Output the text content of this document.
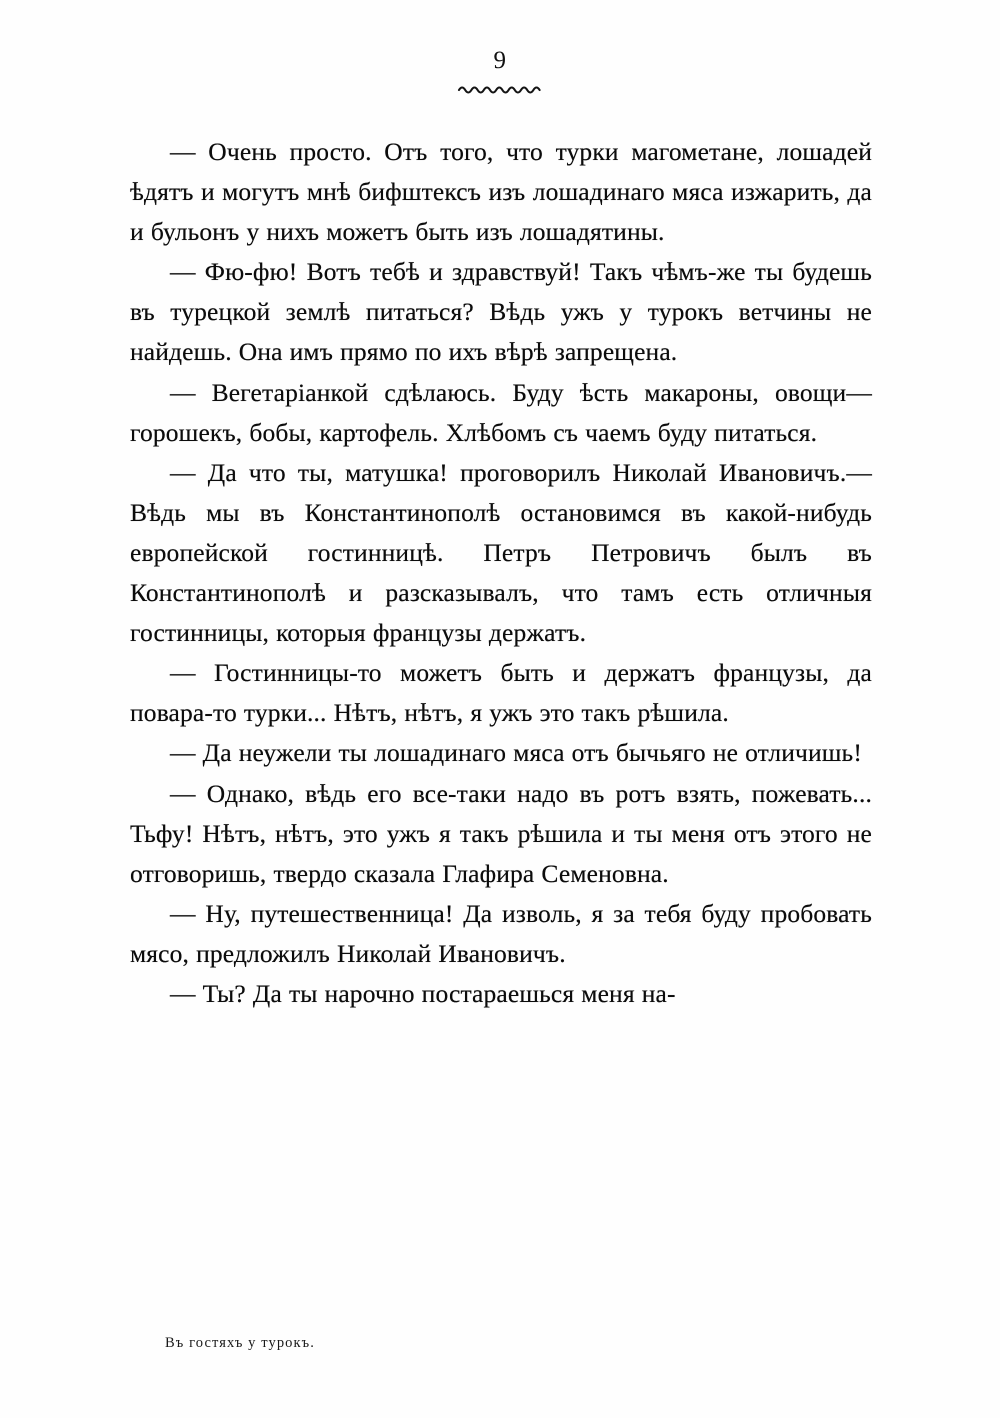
9

— Очень просто. Отъ того, что турки магометане, лошадей ѣдятъ и могутъ мнѣ бифштексъ изъ лошадинаго мяса изжарить, да и бульонъ у нихъ можетъ быть изъ лошадятины.

— Фю-фю! Вотъ тебѣ и здравствуй! Такъ чѣмъ-же ты будешь въ турецкой землѣ питаться? Вѣдь ужъ у турокъ ветчины не найдешь. Она имъ прямо по ихъ вѣрѣ запрещена.

— Вегетаріанкой сдѣлаюсь. Буду ѣсть макароны, овощи—горошекъ, бобы, картофель. Хлѣбомъ съ чаемъ буду питаться.

— Да что ты, матушка! проговорилъ Николай Ивановичъ.—Вѣдь мы въ Константинополѣ остановимся въ какой-нибудь европейской гостинницѣ. Петръ Петровичъ былъ въ Константинополѣ и разсказывалъ, что тамъ есть отличныя гостинницы, которыя французы держатъ.

— Гостинницы-то можетъ быть и держатъ французы, да повара-то турки... Нѣтъ, нѣтъ, я ужъ это такъ рѣшила.

— Да неужели ты лошадинаго мяса отъ бычьяго не отличишь!

— Однако, вѣдь его все-таки надо въ ротъ взять, пожевать... Тьфу! Нѣтъ, нѣтъ, это ужъ я такъ рѣшила и ты меня отъ этого не отговоришь, твердо сказала Глафира Семеновна.

— Ну, путешественница! Да изволь, я за тебя буду пробовать мясо, предложилъ Николай Ивановичъ.

— Ты? Да ты нарочно постараешься меня на-

Въ гостяхъ у турокъ.
